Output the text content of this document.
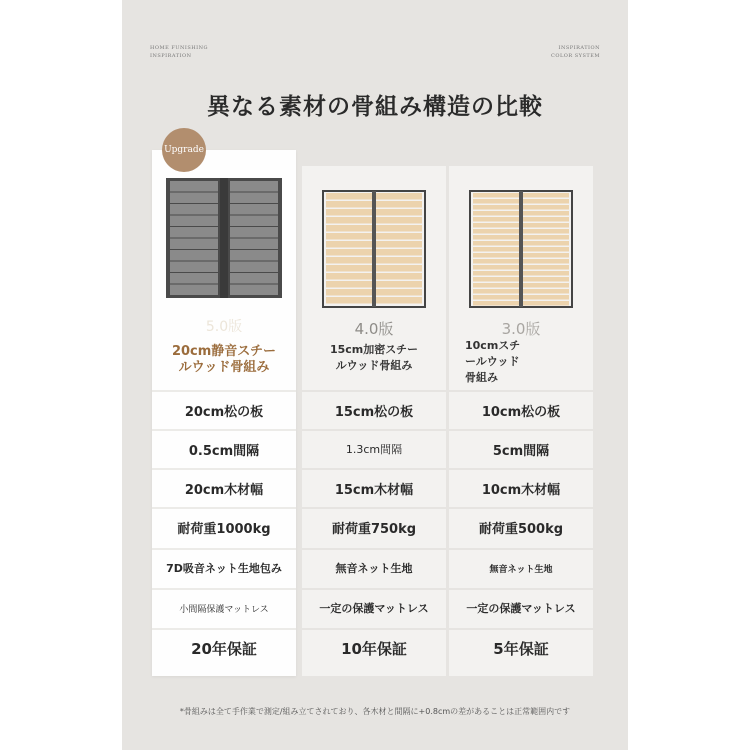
HOME FUNISHING
INSPIRATION
INSPIRATION
COLOR SYSTEM
異なる素材の骨組み構造の比較
Upgrade
5.0版
20cm静音スチー
ルウッド骨組み
20cm松の板
0.5cm間隔
20cm木材幅
耐荷重1000kg
7D吸音ネット生地包み
小間隔保護マットレス
20年保証
4.0版
15cm加密スチー
ルウッド骨組み
15cm松の板
1.3cm間隔
15cm木材幅
耐荷重750kg
無音ネット生地
一定の保護マットレス
10年保証
3.0版
10cmスチ
ールウッド
骨組み
10cm松の板
5cm間隔
10cm木材幅
耐荷重500kg
無音ネット生地
一定の保護マットレス
5年保証
*骨組みは全て手作業で測定/組み立てされており、各木材と間隔に+0.8cmの差があることは正常範囲内です
